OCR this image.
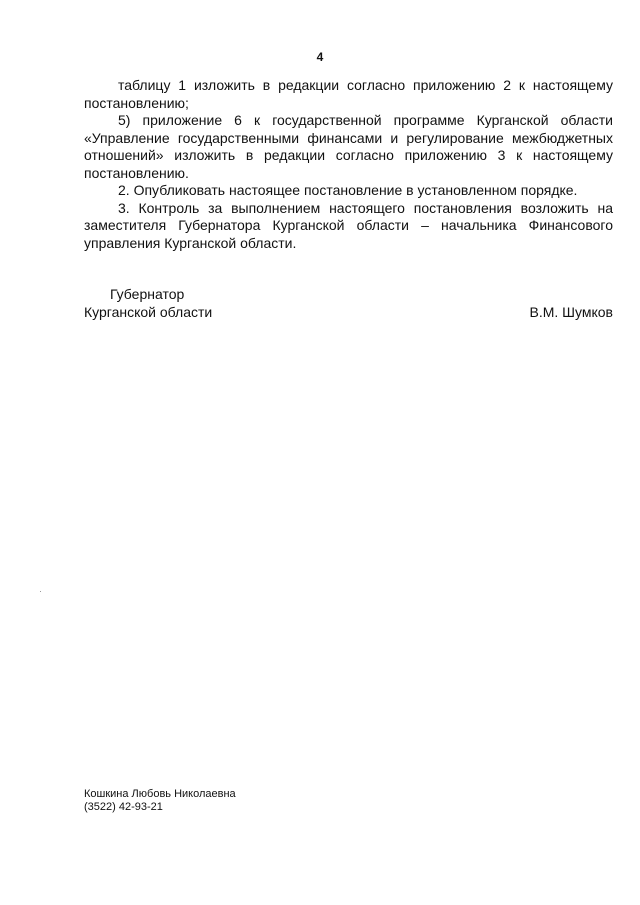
4

таблицу 1 изложить в редакции согласно приложению 2 к настоящему постановлению;

5) приложение 6 к государственной программе Курганской области «Управление государственными финансами и регулирование межбюджетных отношений» изложить в редакции согласно приложению 3 к настоящему постановлению.

2. Опубликовать настоящее постановление в установленном порядке.

3. Контроль за выполнением настоящего постановления возложить на заместителя Губернатора Курганской области – начальника Финансового управления Курганской области.

Губернатор
Курганской области	В.М. Шумков
Кошкина Любовь Николаевна
(3522) 42-93-21
